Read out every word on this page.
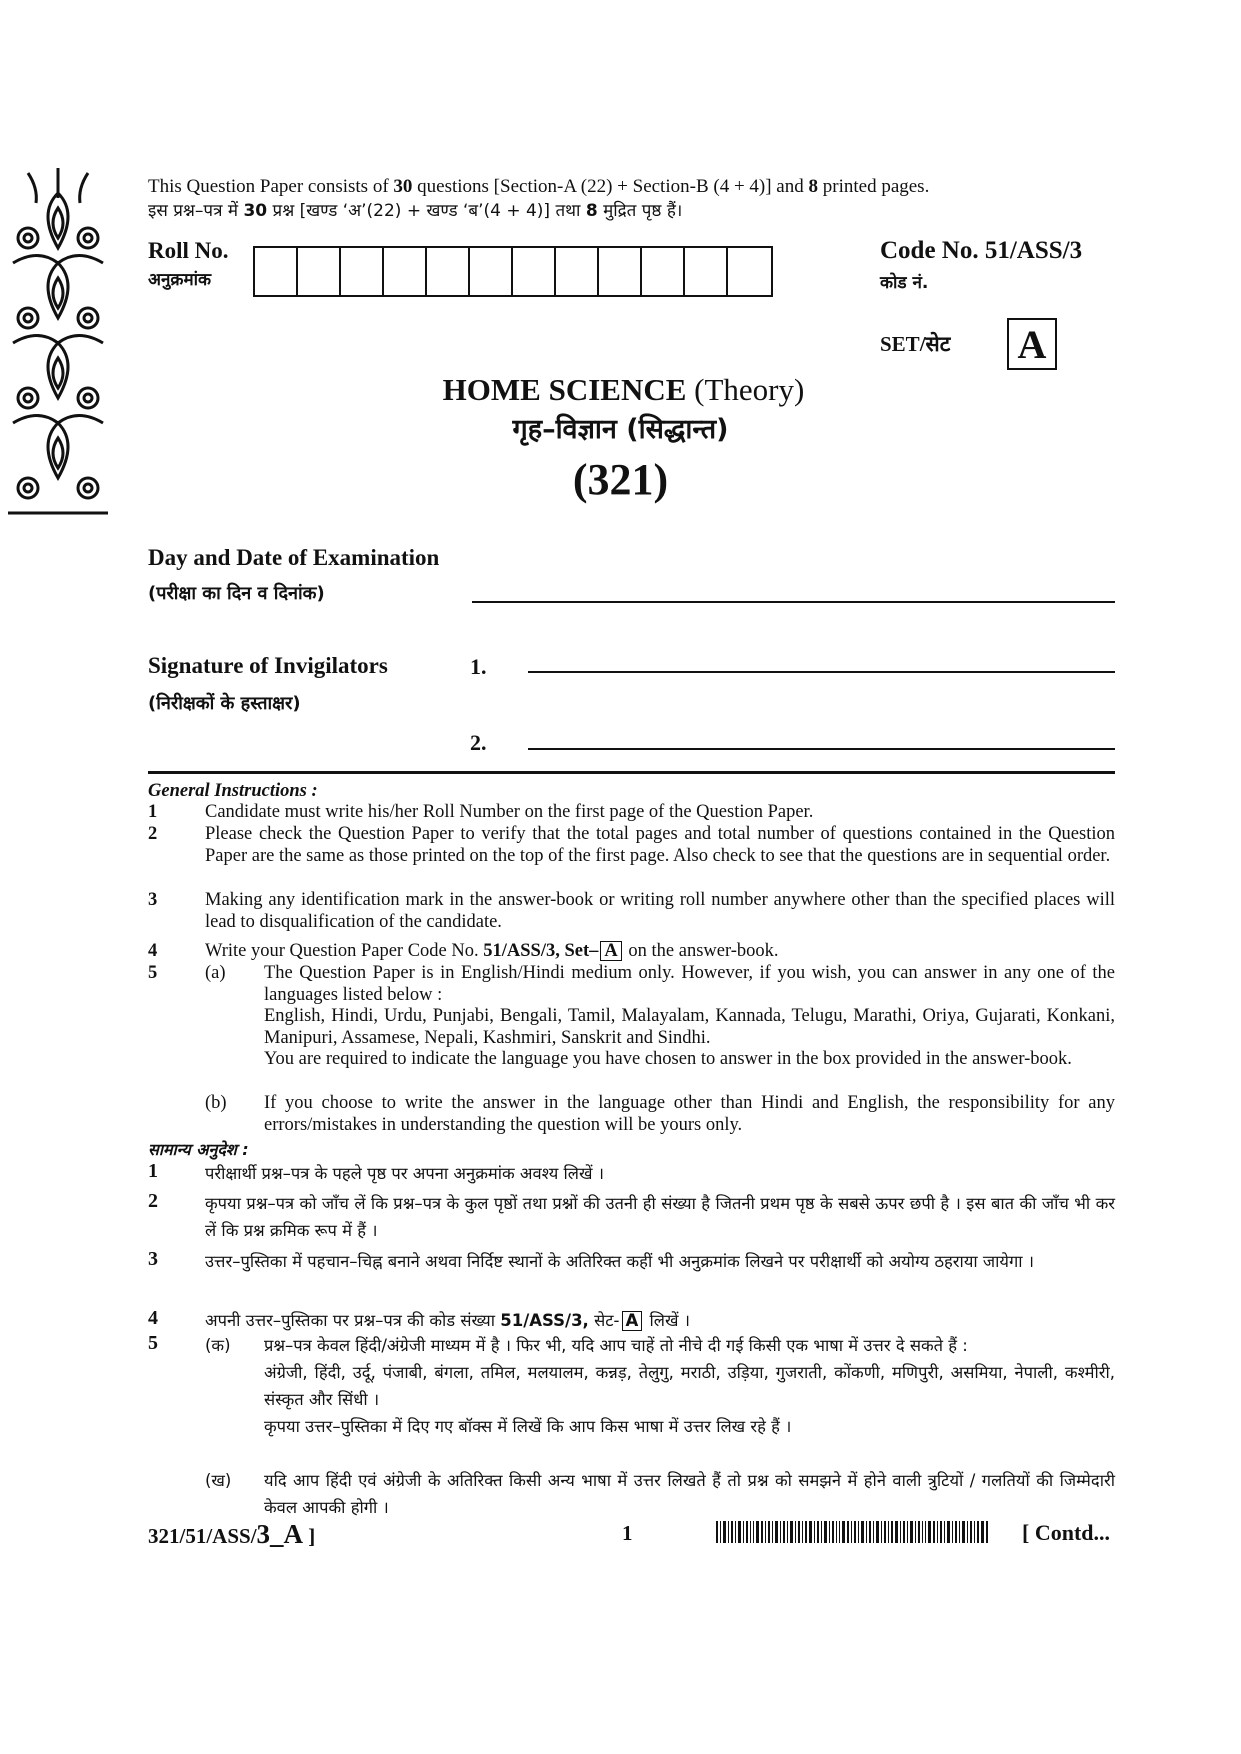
This Question Paper consists of 30 questions [Section-A (22) + Section-B (4 + 4)] and 8 printed pages.
इस प्रश्न–पत्र में 30 प्रश्न [खण्ड ‘अ’(22) + खण्ड ‘ब’(4 + 4)] तथा 8 मुद्रित पृष्ठ हैं।
Roll No.
अनुक्रमांक
Code No. 51/ASS/3
कोड नं.
SET/सेट A
HOME SCIENCE (Theory)
गृह–विज्ञान (सिद्धान्त)
(321)
Day and Date of Examination
(परीक्षा का दिन व दिनांक)
Signature of Invigilators
(निरीक्षकों के हस्ताक्षर)
1.
2.
General Instructions :
1	Candidate must write his/her Roll Number on the first page of the Question Paper.
2	Please check the Question Paper to verify that the total pages and total number of questions contained in the Question Paper are the same as those printed on the top of the first page. Also check to see that the questions are in sequential order.
3	Making any identification mark in the answer-book or writing roll number anywhere other than the specified places will lead to disqualification of the candidate.
4	Write your Question Paper Code No. 51/ASS/3, Set– A on the answer-book.
5	(a) The Question Paper is in English/Hindi medium only. However, if you wish, you can answer in any one of the languages listed below :
English, Hindi, Urdu, Punjabi, Bengali, Tamil, Malayalam, Kannada, Telugu, Marathi, Oriya, Gujarati, Konkani, Manipuri, Assamese, Nepali, Kashmiri, Sanskrit and Sindhi.
You are required to indicate the language you have chosen to answer in the box provided in the answer-book.
(b) If you choose to write the answer in the language other than Hindi and English, the responsibility for any errors/mistakes in understanding the question will be yours only.
सामान्य अनुदेश :
1	परीक्षार्थी प्रश्न–पत्र के पहले पृष्ठ पर अपना अनुक्रमांक अवश्य लिखें ।
2	कृपया प्रश्न–पत्र को जाँच लें कि प्रश्न–पत्र के कुल पृष्ठों तथा प्रश्नों की उतनी ही संख्या है जितनी प्रथम पृष्ठ के सबसे ऊपर छपी है । इस बात की जाँच भी कर लें कि प्रश्न क्रमिक रूप में हैं ।
3	उत्तर–पुस्तिका में पहचान–चिह्न बनाने अथवा निर्दिष्ट स्थानों के अतिरिक्त कहीं भी अनुक्रमांक लिखने पर परीक्षार्थी को अयोग्य ठहराया जायेगा ।
4	अपनी उत्तर–पुस्तिका पर प्रश्न–पत्र की कोड संख्या 51/ASS/3, सेट- A लिखें ।
5	(क) प्रश्न–पत्र केवल हिंदी/अंग्रेजी माध्यम में है । फिर भी, यदि आप चाहें तो नीचे दी गई किसी एक भाषा में उत्तर दे सकते हैं :
अंग्रेजी, हिंदी, उर्दू, पंजाबी, बंगला, तमिल, मलयालम, कन्नड़, तेलुगु, मराठी, उड़िया, गुजराती, कोंकणी, मणिपुरी, असमिया, नेपाली, कश्मीरी, संस्कृत और सिंधी ।
कृपया उत्तर–पुस्तिका में दिए गए बॉक्स में लिखें कि आप किस भाषा में उत्तर लिख रहे हैं ।
(ख) यदि आप हिंदी एवं अंग्रेजी के अतिरिक्त किसी अन्य भाषा में उत्तर लिखते हैं तो प्रश्न को समझने में होने वाली त्रुटियों / गलतियों की जिम्मेदारी केवल आपकी होगी ।
321/51/ASS/3_A ]	1	[ Contd...
